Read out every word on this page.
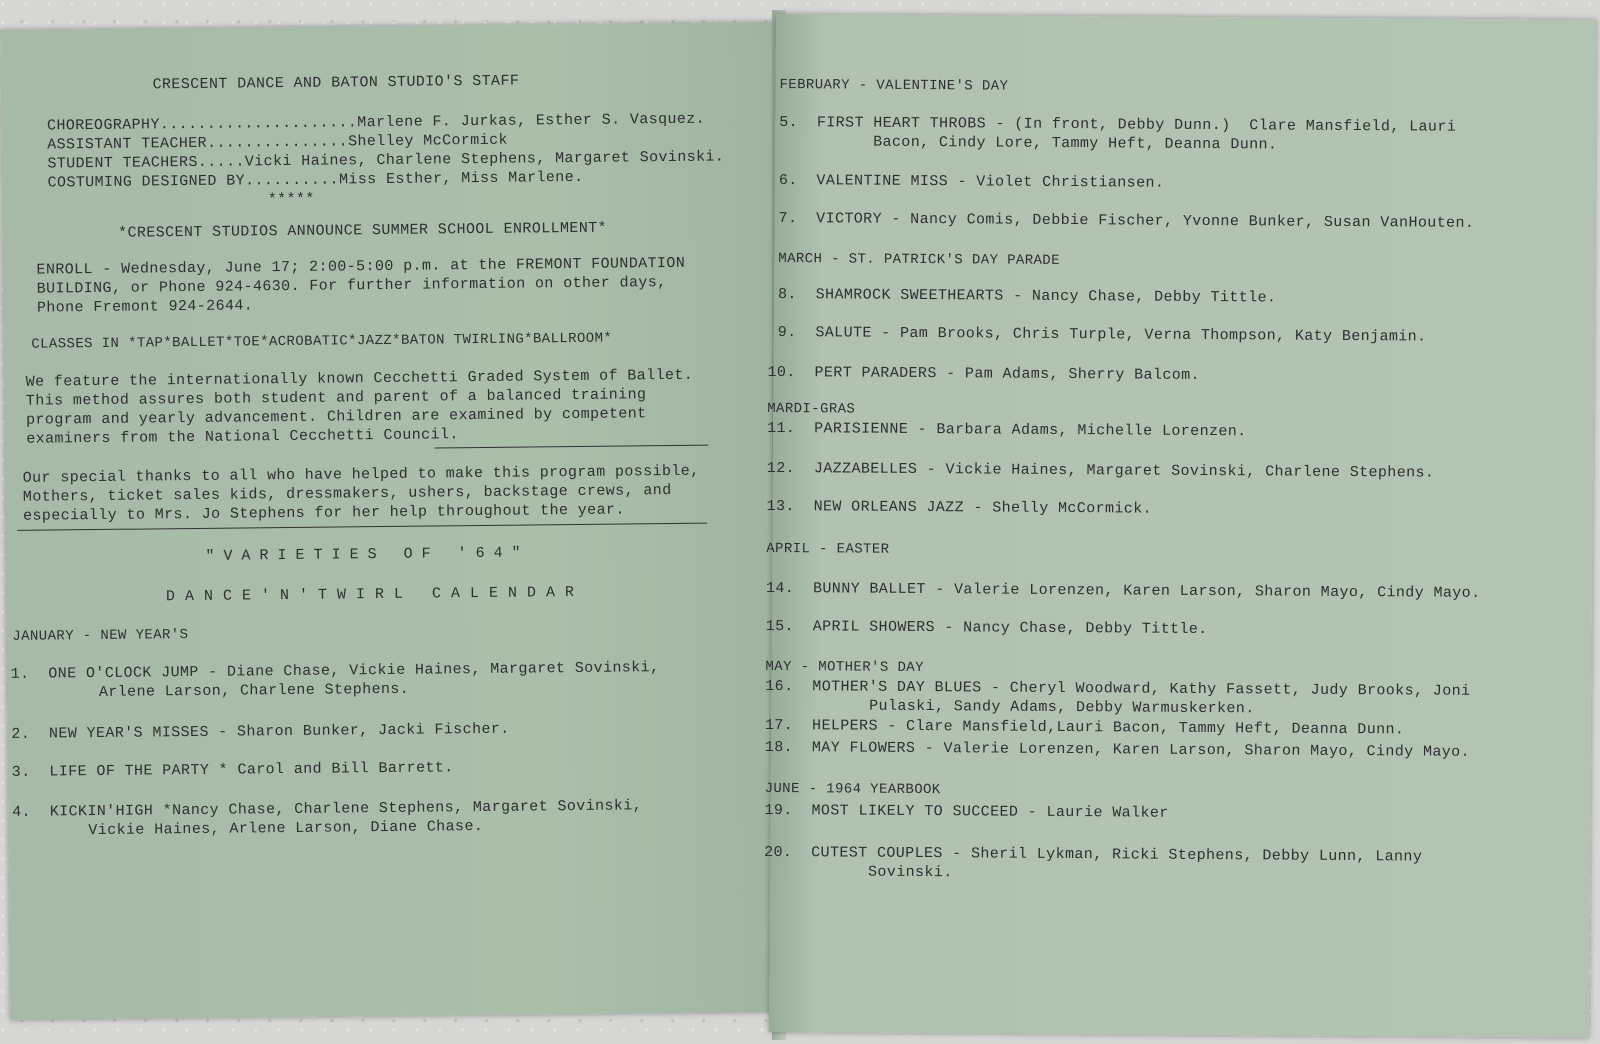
CRESCENT DANCE AND BATON STUDIO'S STAFF
CHOREOGRAPHY.....................Marlene F. Jurkas, Esther S. Vasquez.
ASSISTANT TEACHER...............Shelley McCormick
STUDENT TEACHERS.....Vicki Haines, Charlene Stephens, Margaret Sovinski.
COSTUMING DESIGNED BY..........Miss Esther, Miss Marlene.
*****
*CRESCENT STUDIOS ANNOUNCE SUMMER SCHOOL ENROLLMENT*
ENROLL - Wednesday, June 17; 2:00-5:00 p.m. at the FREMONT FOUNDATION
BUILDING, or Phone 924-4630. For further information on other days,
Phone Fremont 924-2644.
CLASSES IN *TAP*BALLET*TOE*ACROBATIC*JAZZ*BATON TWIRLING*BALLROOM*
We feature the internationally known Cecchetti Graded System of Ballet.
This method assures both student and parent of a balanced training
program and yearly advancement. Children are examined by competent
examiners from the National Cecchetti Council.
Our special thanks to all who have helped to make this program possible,
Mothers, ticket sales kids, dressmakers, ushers, backstage crews, and
especially to Mrs. Jo Stephens for her help throughout the year.
"VARIETIES OF '64"
DANCE'N'TWIRL CALENDAR
JANUARY - NEW YEAR'S
1. ONE O'CLOCK JUMP - Diane Chase, Vickie Haines, Margaret Sovinski,
Arlene Larson, Charlene Stephens.
2. NEW YEAR'S MISSES - Sharon Bunker, Jacki Fischer.
3. LIFE OF THE PARTY * Carol and Bill Barrett.
4. KICKIN'HIGH *Nancy Chase, Charlene Stephens, Margaret Sovinski,
Vickie Haines, Arlene Larson, Diane Chase.
FEBRUARY - VALENTINE'S DAY
5. FIRST HEART THROBS - (In front, Debby Dunn.)  Clare Mansfield, Lauri
Bacon, Cindy Lore, Tammy Heft, Deanna Dunn.
6. VALENTINE MISS - Violet Christiansen.
7. VICTORY - Nancy Comis, Debbie Fischer, Yvonne Bunker, Susan VanHouten.
MARCH - ST. PATRICK'S DAY PARADE
8. SHAMROCK SWEETHEARTS - Nancy Chase, Debby Tittle.
9. SALUTE - Pam Brooks, Chris Turple, Verna Thompson, Katy Benjamin.
10. PERT PARADERS - Pam Adams, Sherry Balcom.
MARDI-GRAS
11. PARISIENNE - Barbara Adams, Michelle Lorenzen.
12. JAZZABELLES - Vickie Haines, Margaret Sovinski, Charlene Stephens.
13. NEW ORLEANS JAZZ - Shelly McCormick.
APRIL - EASTER
14. BUNNY BALLET - Valerie Lorenzen, Karen Larson, Sharon Mayo, Cindy Mayo.
15. APRIL SHOWERS - Nancy Chase, Debby Tittle.
MAY - MOTHER'S DAY
16. MOTHER'S DAY BLUES - Cheryl Woodward, Kathy Fassett, Judy Brooks, Joni
Pulaski, Sandy Adams, Debby Warmuskerken.
17. HELPERS - Clare Mansfield,Lauri Bacon, Tammy Heft, Deanna Dunn.
18. MAY FLOWERS - Valerie Lorenzen, Karen Larson, Sharon Mayo, Cindy Mayo.
JUNE - 1964 YEARBOOK
19. MOST LIKELY TO SUCCEED - Laurie Walker
20. CUTEST COUPLES - Sheril Lykman, Ricki Stephens, Debby Lunn, Lanny
Sovinski.
